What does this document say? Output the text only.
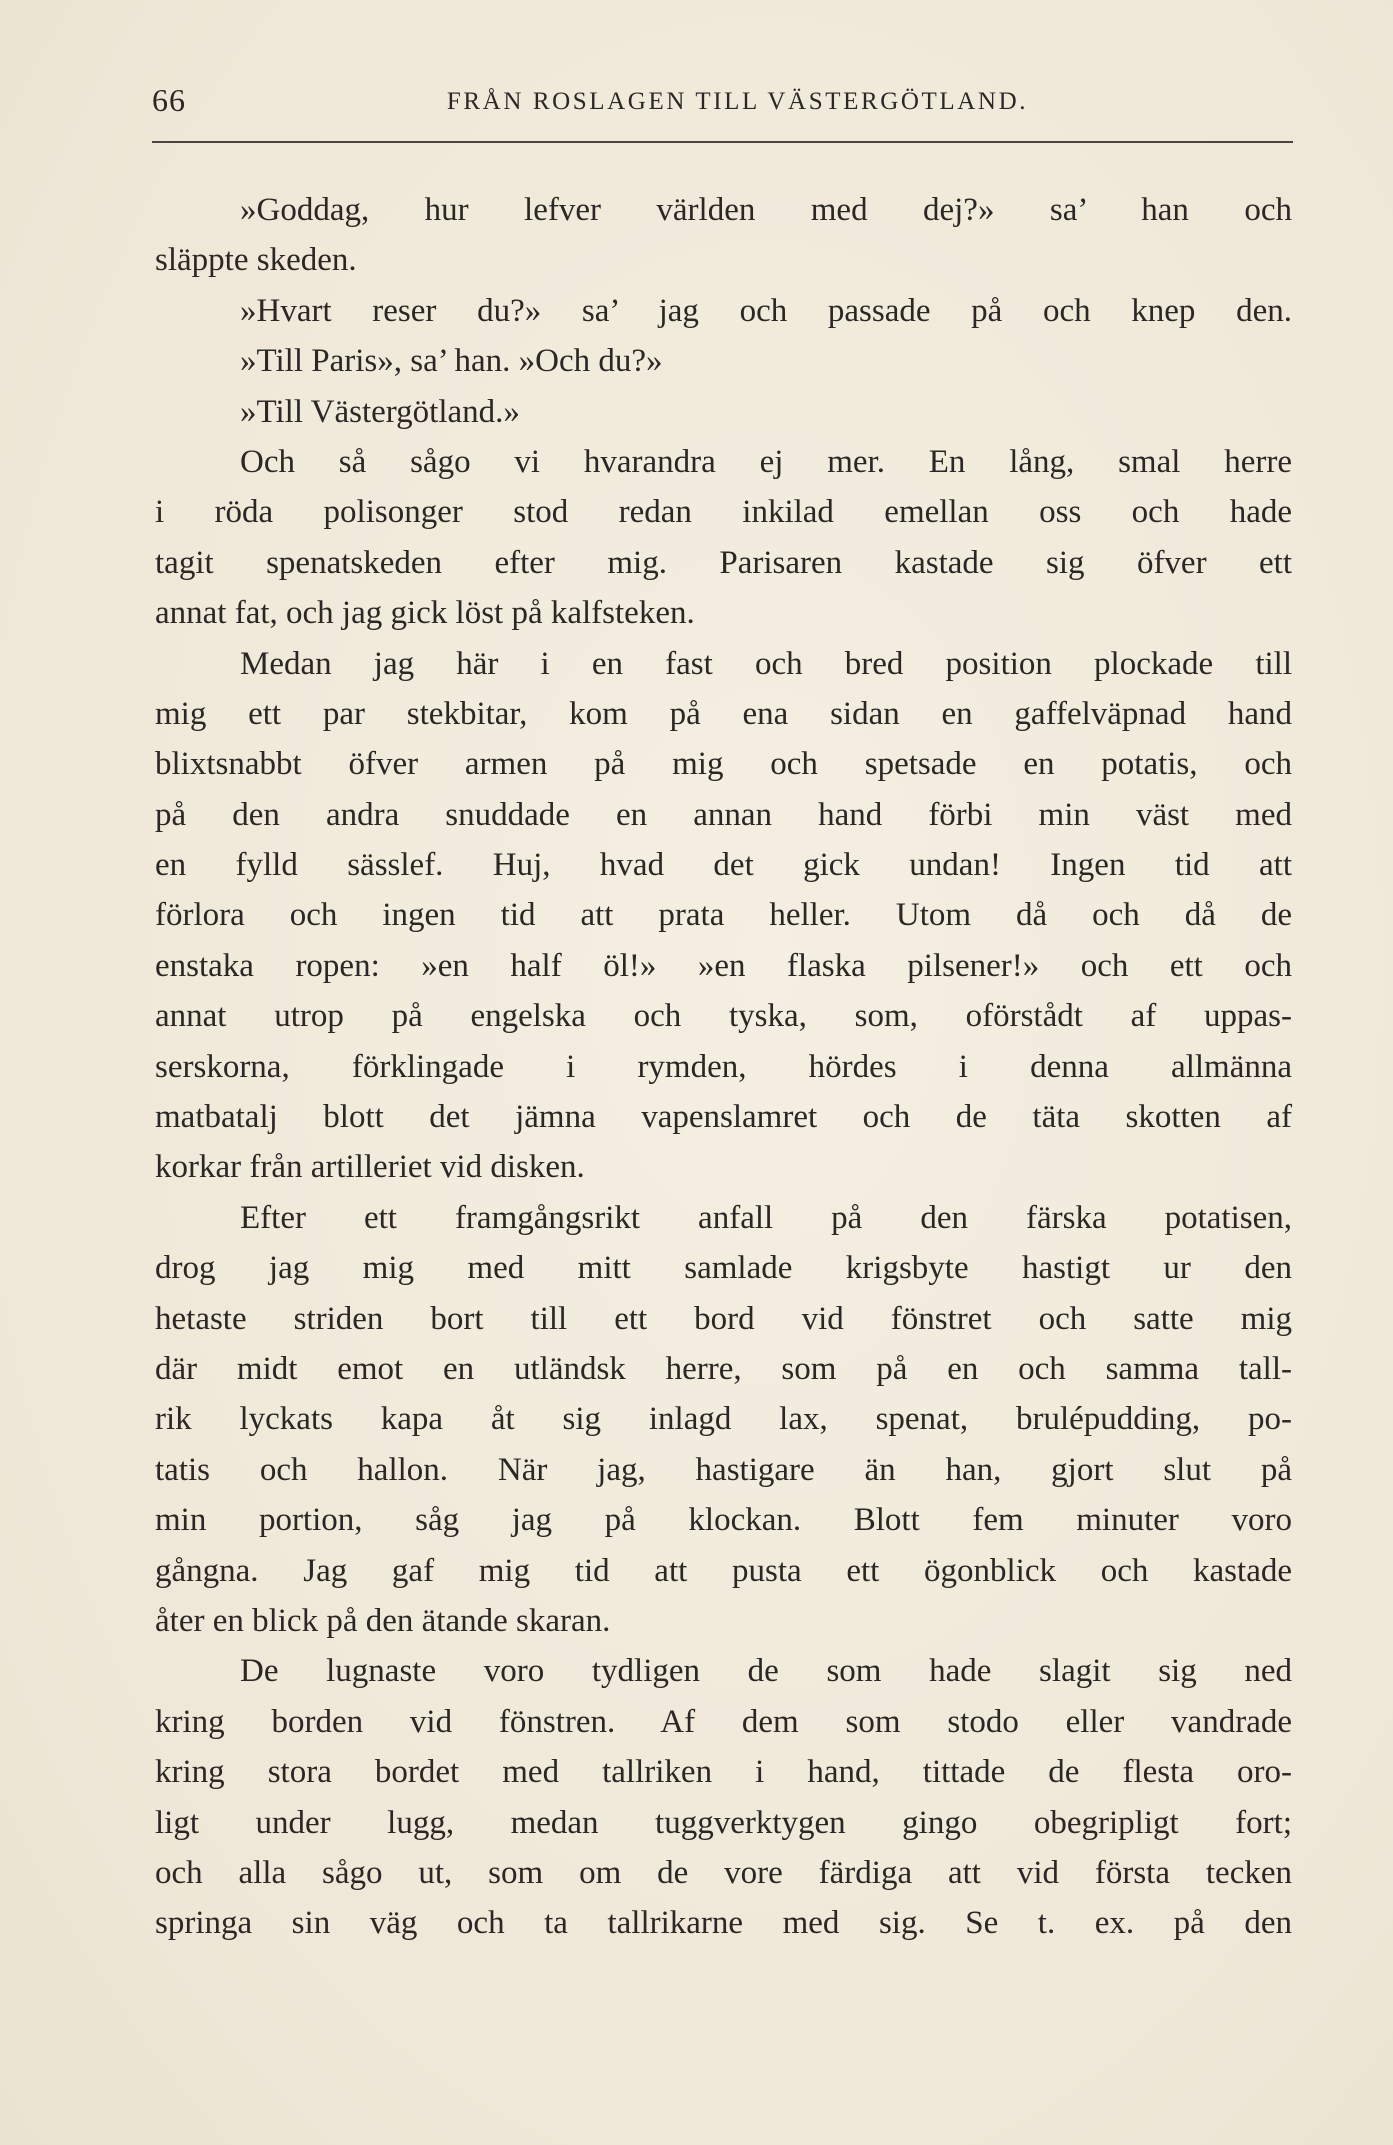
66	FRÅN ROSLAGEN TILL VÄSTERGÖTLAND.
»Goddag, hur lefver världen med dej?» sa’ han och
släppte skeden.
»Hvart reser du?» sa’ jag och passade på och knep den.
»Till Paris», sa’ han. »Och du?»
»Till Västergötland.»
Och så sågo vi hvarandra ej mer. En lång, smal herre
i röda polisonger stod redan inkilad emellan oss och hade
tagit spenatskeden efter mig. Parisaren kastade sig öfver ett
annat fat, och jag gick löst på kalfsteken.
Medan jag här i en fast och bred position plockade till
mig ett par stekbitar, kom på ena sidan en gaffelväpnad hand
blixtsnabbt öfver armen på mig och spetsade en potatis, och
på den andra snuddade en annan hand förbi min väst med
en fylld sässlef. Huj, hvad det gick undan! Ingen tid att
förlora och ingen tid att prata heller. Utom då och då de
enstaka ropen: »en half öl!» »en flaska pilsener!» och ett och
annat utrop på engelska och tyska, som, oförstådt af uppas-
serskorna, förklingade i rymden, hördes i denna allmänna
matbatalj blott det jämna vapenslamret och de täta skotten af
korkar från artilleriet vid disken.
Efter ett framgångsrikt anfall på den färska potatisen,
drog jag mig med mitt samlade krigsbyte hastigt ur den
hetaste striden bort till ett bord vid fönstret och satte mig
där midt emot en utländsk herre, som på en och samma tall-
rik lyckats kapa åt sig inlagd lax, spenat, brulépudding, po-
tatis och hallon. När jag, hastigare än han, gjort slut på
min portion, såg jag på klockan. Blott fem minuter voro
gångna. Jag gaf mig tid att pusta ett ögonblick och kastade
åter en blick på den ätande skaran.
De lugnaste voro tydligen de som hade slagit sig ned
kring borden vid fönstren. Af dem som stodo eller vandrade
kring stora bordet med tallriken i hand, tittade de flesta oro-
ligt under lugg, medan tuggverktygen gingo obegripligt fort;
och alla sågo ut, som om de vore färdiga att vid första tecken
springa sin väg och ta tallrikarne med sig. Se t. ex. på den
